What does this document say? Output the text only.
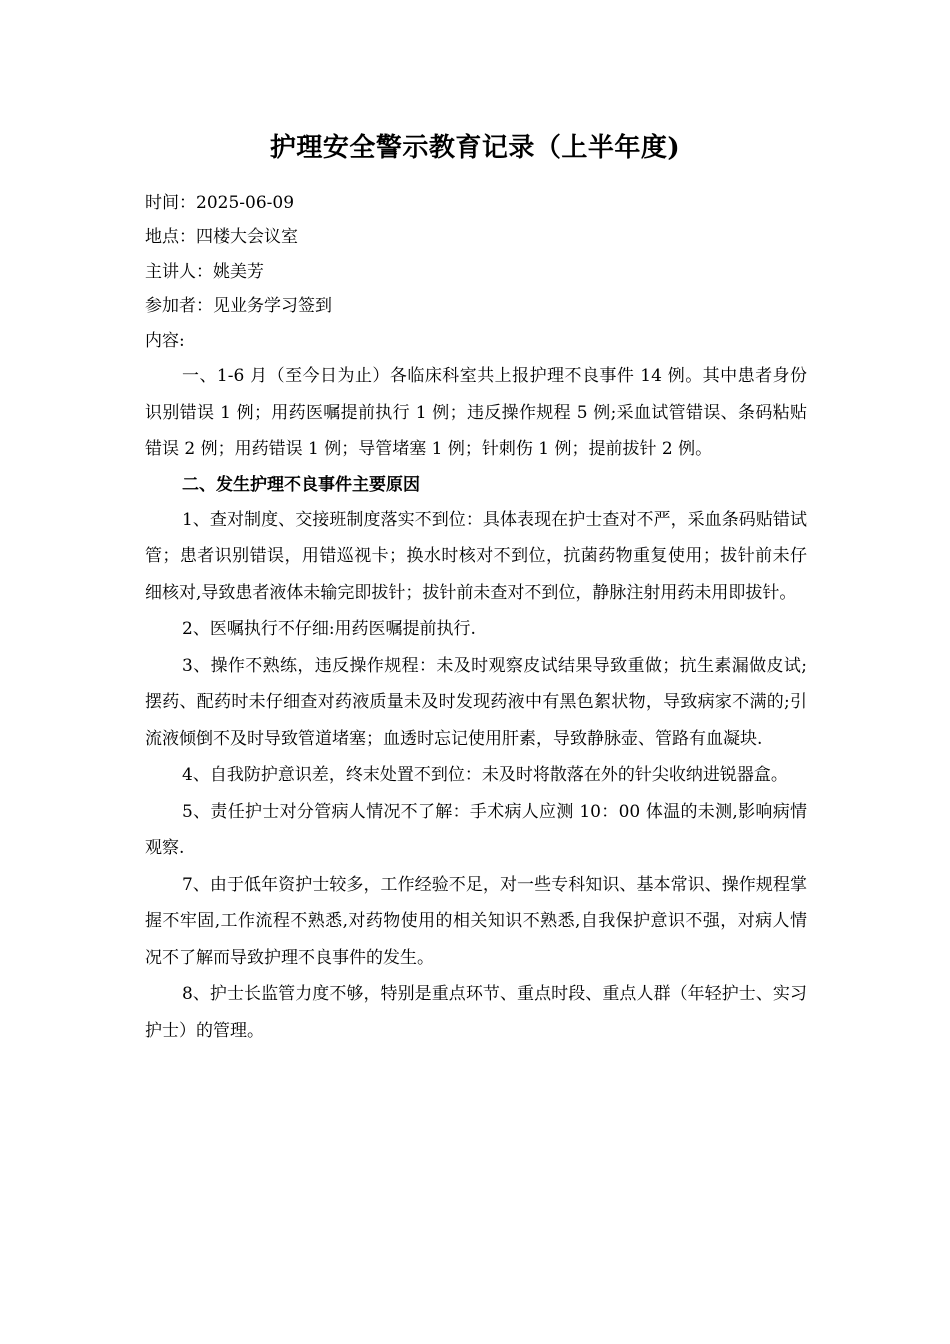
护理安全警示教育记录（上半年度)
时间：2025-06-09
地点：四楼大会议室
主讲人：姚美芳
参加者：见业务学习签到
内容:

一、1-6 月（至今日为止）各临床科室共上报护理不良事件 14 例。其中患者身份识别错误 1 例；用药医嘱提前执行 1 例；违反操作规程 5 例;采血试管错误、条码粘贴错误 2 例；用药错误 1 例；导管堵塞 1 例；针刺伤 1 例；提前拔针 2 例。

二、发生护理不良事件主要原因

1、查对制度、交接班制度落实不到位：具体表现在护士查对不严，采血条码贴错试管；患者识别错误，用错巡视卡；换水时核对不到位，抗菌药物重复使用；拔针前未仔细核对,导致患者液体未输完即拔针；拔针前未查对不到位，静脉注射用药未用即拔针。

2、医嘱执行不仔细:用药医嘱提前执行.

3、操作不熟练，违反操作规程：未及时观察皮试结果导致重做；抗生素漏做皮试;摆药、配药时未仔细查对药液质量未及时发现药液中有黑色絮状物，导致病家不满的;引流液倾倒不及时导致管道堵塞；血透时忘记使用肝素，导致静脉壶、管路有血凝块.

4、自我防护意识差，终末处置不到位：未及时将散落在外的针尖收纳进锐器盒。

5、责任护士对分管病人情况不了解：手术病人应测 10：00 体温的未测,影响病情观察.

7、由于低年资护士较多，工作经验不足，对一些专科知识、基本常识、操作规程掌握不牢固,工作流程不熟悉,对药物使用的相关知识不熟悉,自我保护意识不强，对病人情况不了解而导致护理不良事件的发生。

8、护士长监管力度不够，特别是重点环节、重点时段、重点人群（年轻护士、实习护士）的管理。
